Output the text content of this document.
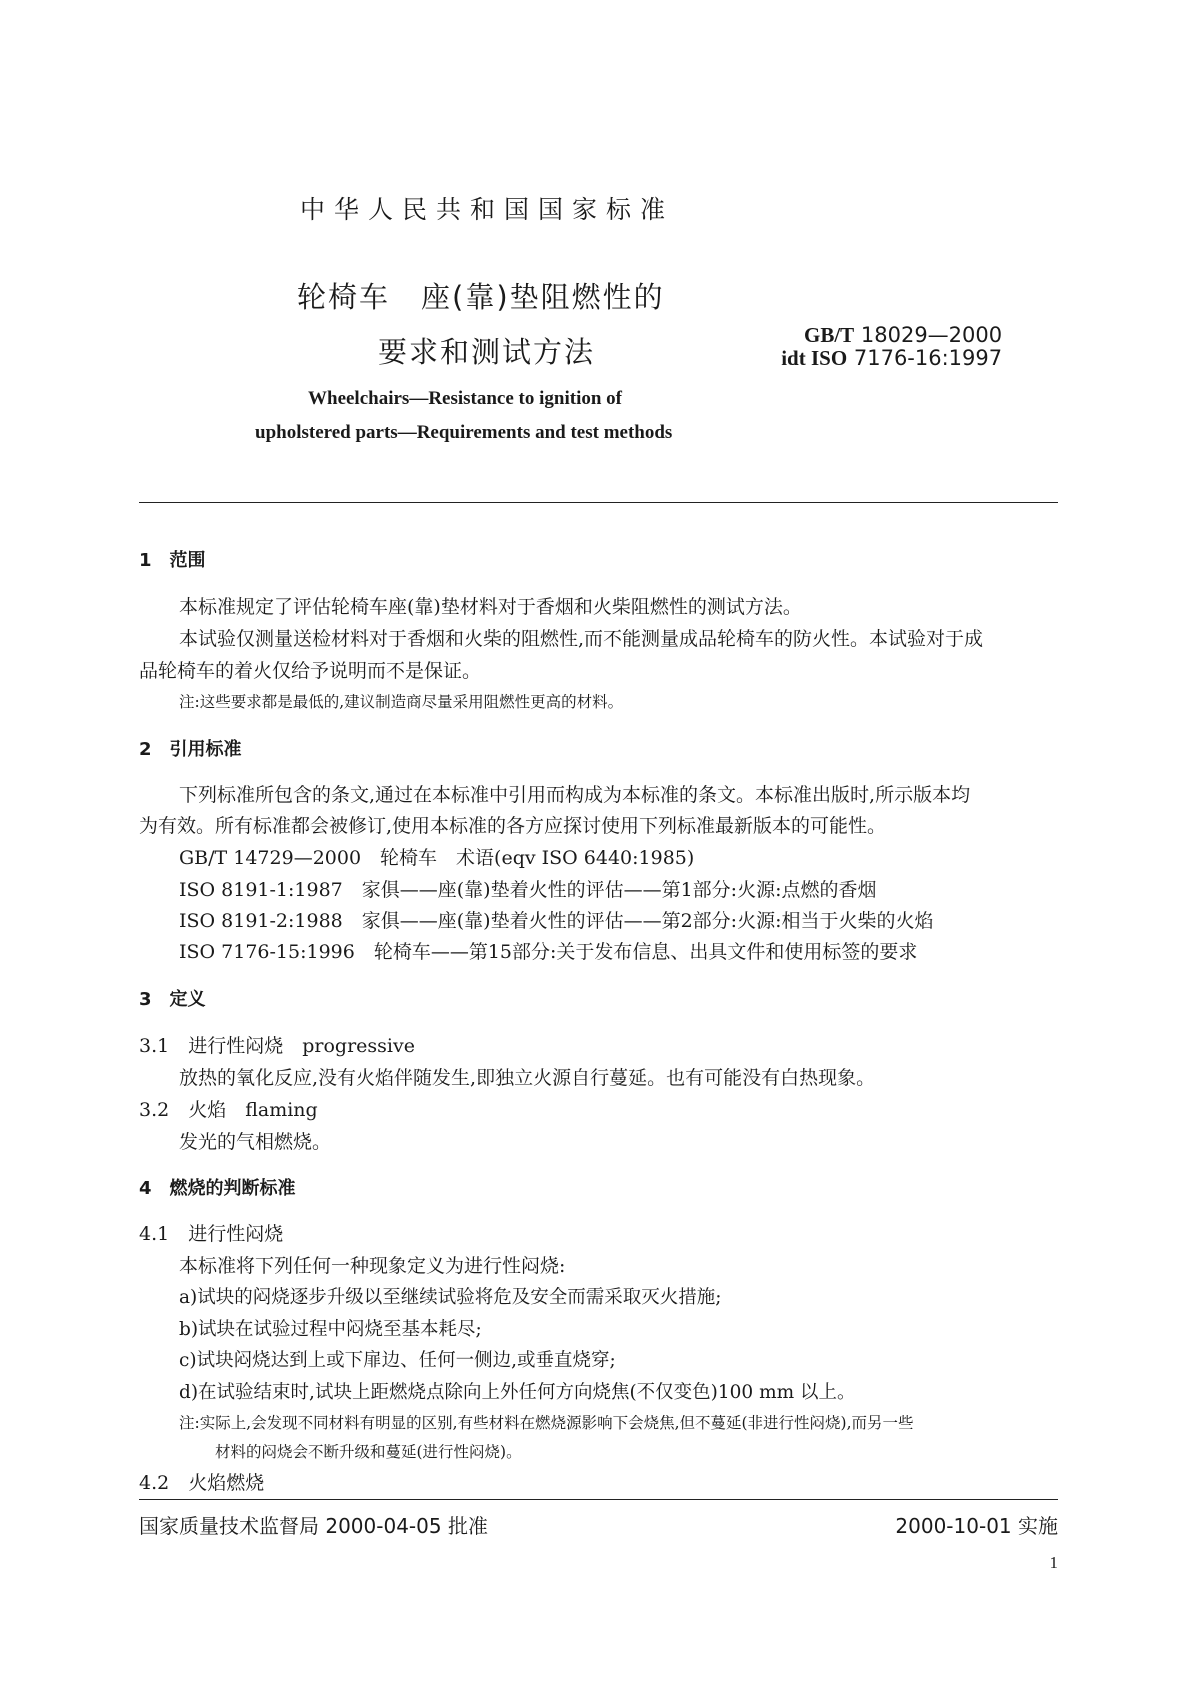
中华人民共和国国家标准
轮椅车　座(靠)垫阻燃性的
要求和测试方法	GB/T 18029—2000
idt ISO 7176-16:1997
Wheelchairs—Resistance to ignition of
upholstered parts—Requirements and test methods
1　范围
本标准规定了评估轮椅车座(靠)垫材料对于香烟和火柴阻燃性的测试方法。
本试验仅测量送检材料对于香烟和火柴的阻燃性,而不能测量成品轮椅车的防火性。本试验对于成
品轮椅车的着火仅给予说明而不是保证。
注:这些要求都是最低的,建议制造商尽量采用阻燃性更高的材料。
2　引用标准
下列标准所包含的条文,通过在本标准中引用而构成为本标准的条文。本标准出版时,所示版本均
为有效。所有标准都会被修订,使用本标准的各方应探讨使用下列标准最新版本的可能性。
GB/T 14729—2000　轮椅车　术语(eqv ISO 6440:1985)
ISO 8191-1:1987　家俱——座(靠)垫着火性的评估——第1部分:火源:点燃的香烟
ISO 8191-2:1988　家俱——座(靠)垫着火性的评估——第2部分:火源:相当于火柴的火焰
ISO 7176-15:1996　轮椅车——第15部分:关于发布信息、出具文件和使用标签的要求
3　定义
3.1　进行性闷烧　progressive
放热的氧化反应,没有火焰伴随发生,即独立火源自行蔓延。也有可能没有白热现象。
3.2　火焰　flaming
发光的气相燃烧。
4　燃烧的判断标准
4.1　进行性闷烧
本标准将下列任何一种现象定义为进行性闷烧:
a)试块的闷烧逐步升级以至继续试验将危及安全而需采取灭火措施;
b)试块在试验过程中闷烧至基本耗尽;
c)试块闷烧达到上或下扉边、任何一侧边,或垂直烧穿;
d)在试验结束时,试块上距燃烧点除向上外任何方向烧焦(不仅变色)100 mm 以上。
注:实际上,会发现不同材料有明显的区别,有些材料在燃烧源影响下会烧焦,但不蔓延(非进行性闷烧),而另一些
材料的闷烧会不断升级和蔓延(进行性闷烧)。
4.2　火焰燃烧
国家质量技术监督局 2000-04-05 批准	2000-10-01 实施
1
